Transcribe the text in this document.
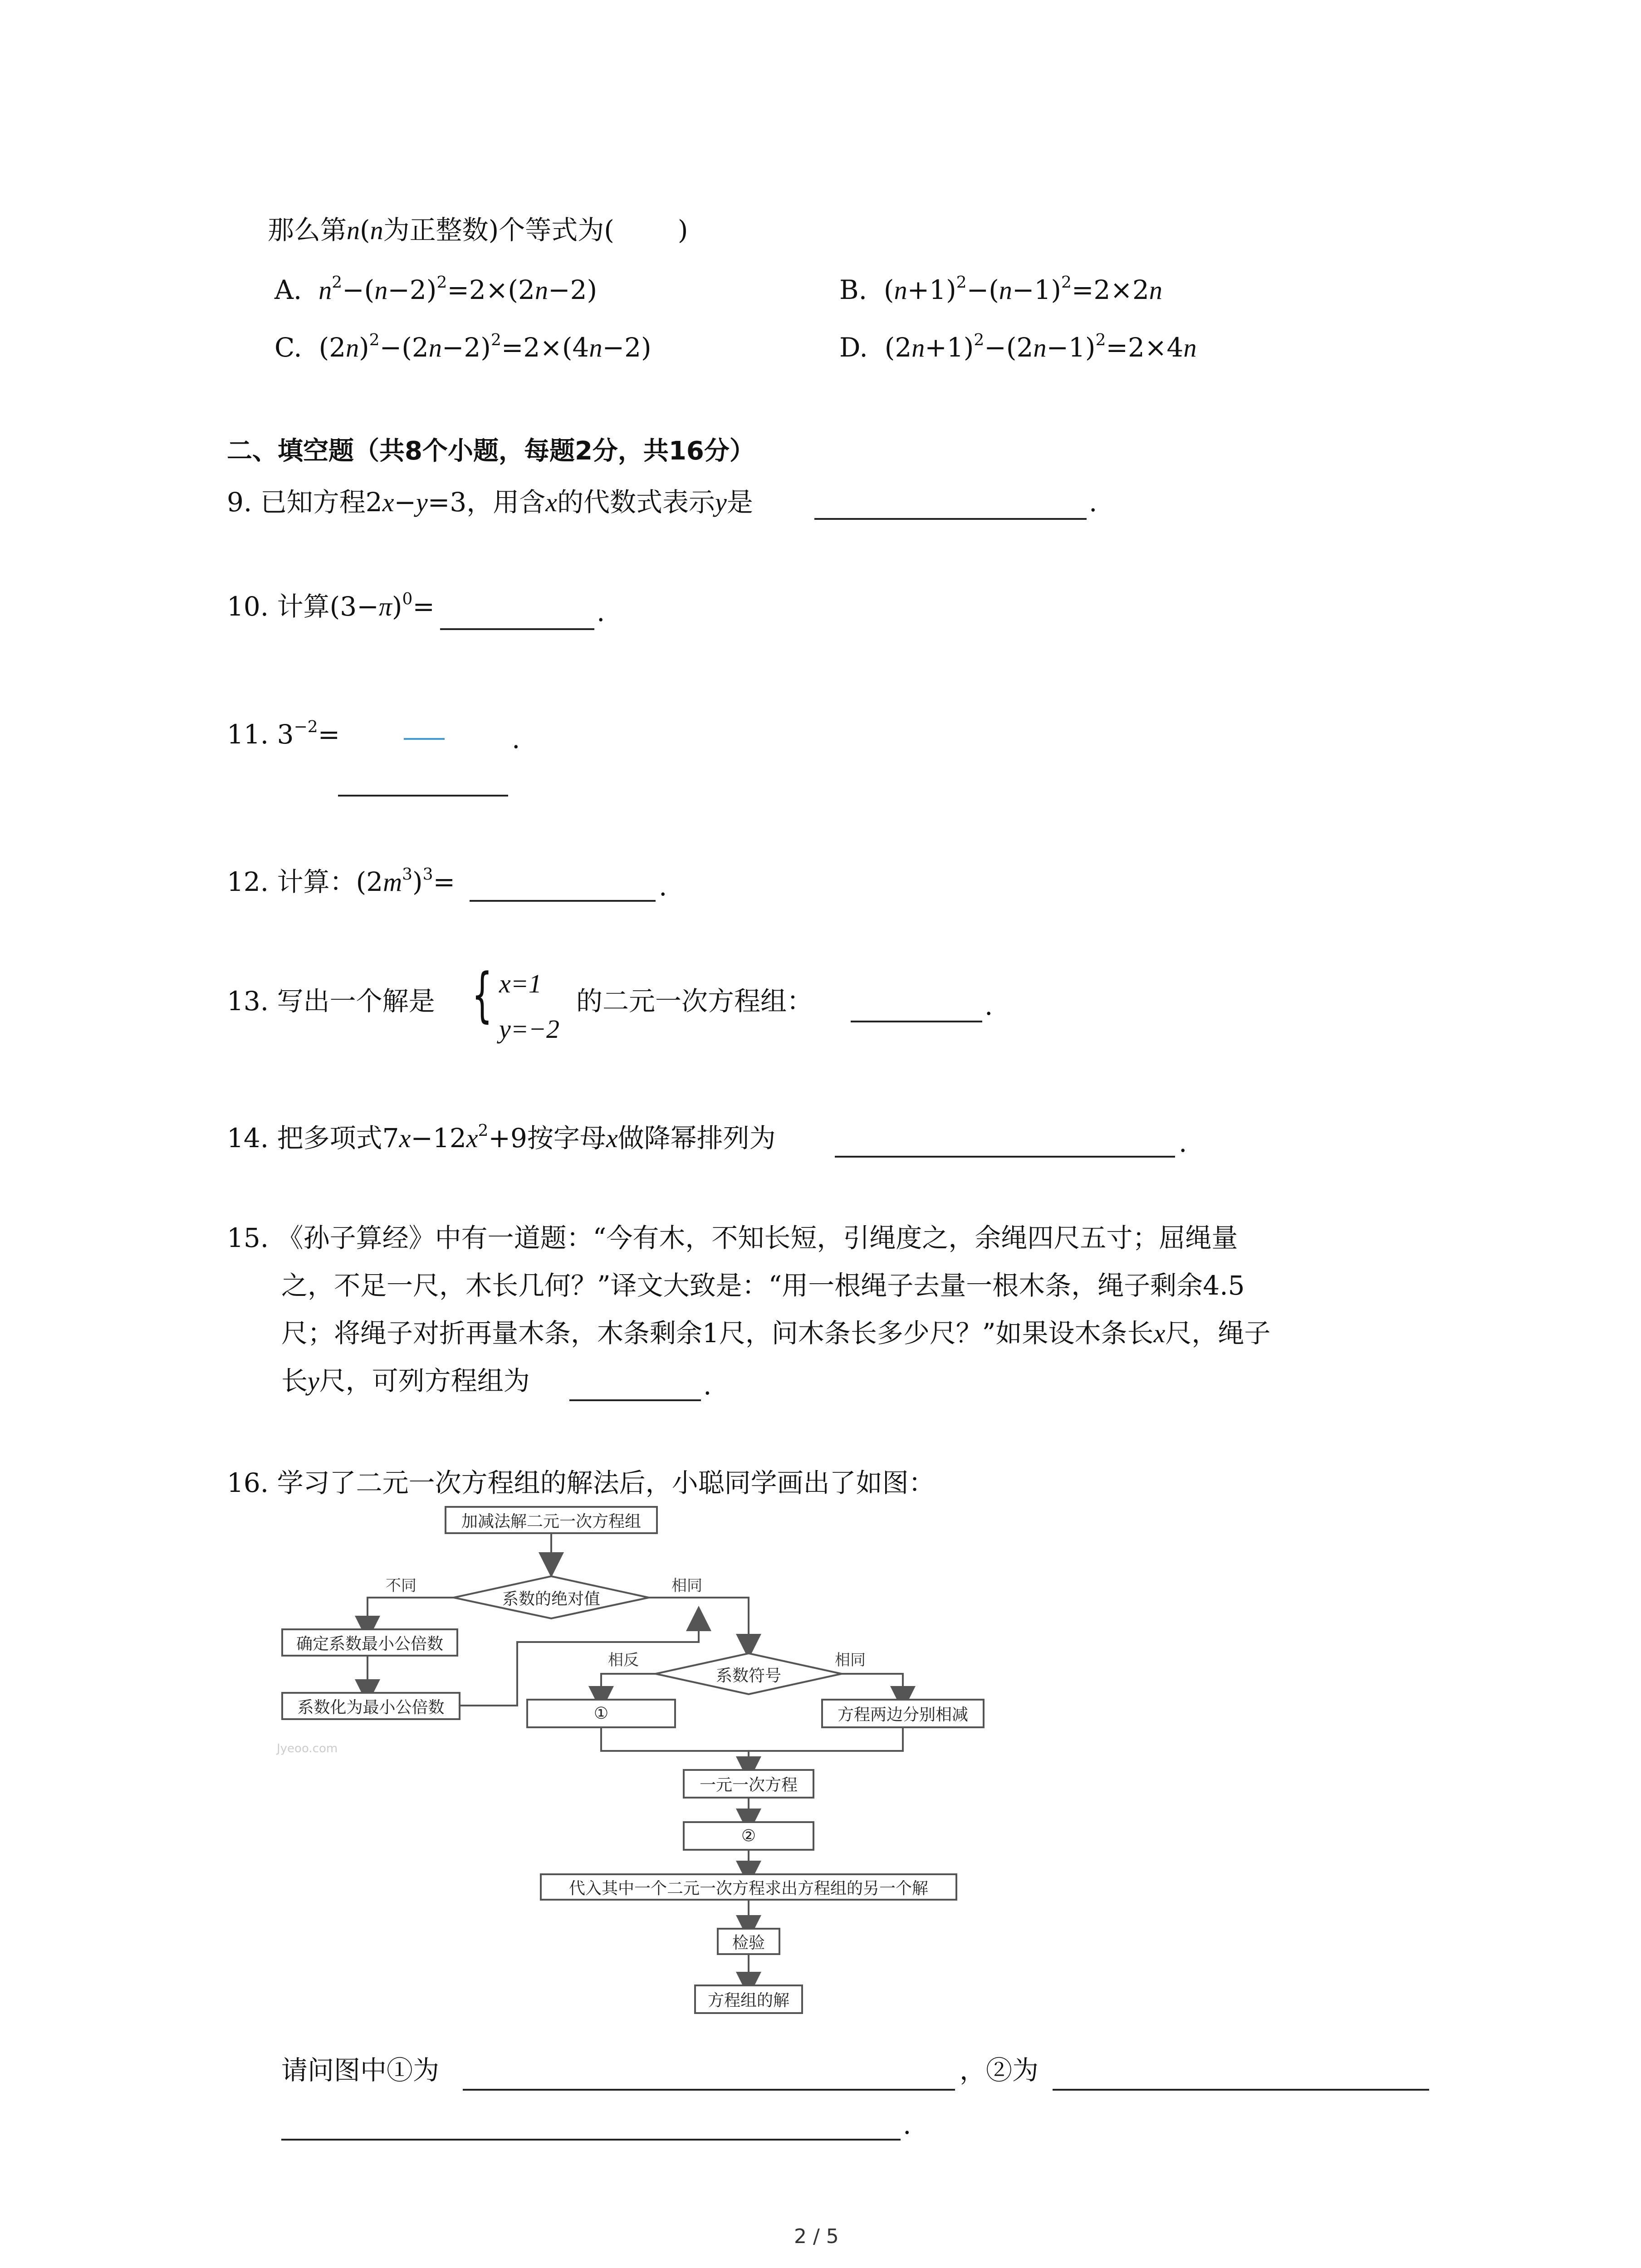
那么第n(n为正整数)个等式为( )
A. $n^2-(n-2)^2=2\times(2n-2)$	B.  $(n+1)^2-(n-1)^2=2\times 2n$
C.  $(2n)^2-(2n-2)^2=2\times(4n-2)$	D.  $(2n+1)^2-(2n-1)^2=2\times 4n$
二、填空题（共8个小题，每题2分，共16分）
9. 已知方程2x−y=3，用含x的代数式表示y是	.
10. 计算$(3-\pi)^0=$	.
11. $3^{-2}=$	.
12. 计算：$(2m^3)^3=$	.
13. 写出一个解是 { x=1
y=−2
的二元一次方程组：	.
14. 把多项式$7x-12x^2+9$按字母x做降幂排列为	.
15. 《孙子算经》中有一道题：“今有木，不知长短，引绳度之，余绳四尺五寸；屈绳量
之，不足一尺，木长几何？”译文大致是：“用一根绳子去量一根木条，绳子剩余4.5
尺；将绳子对折再量木条，木条剩余1尺，问木条长多少尺？”如果设木条长x尺，绳子
长y尺，可列方程组为	.
16. 学习了二元一次方程组的解法后，小聪同学画出了如图：
加减法解二元一次方程组
系数的绝对值
不同	相同
确定系数最小公倍数
系数化为最小公倍数
系数符号
相反	相同
①	方程两边分别相减
Jyeoo.com
一元一次方程
②
代入其中一个二元一次方程求出方程组的另一个解
检验
方程组的解
请问图中①为	，②为
.
2 / 5
